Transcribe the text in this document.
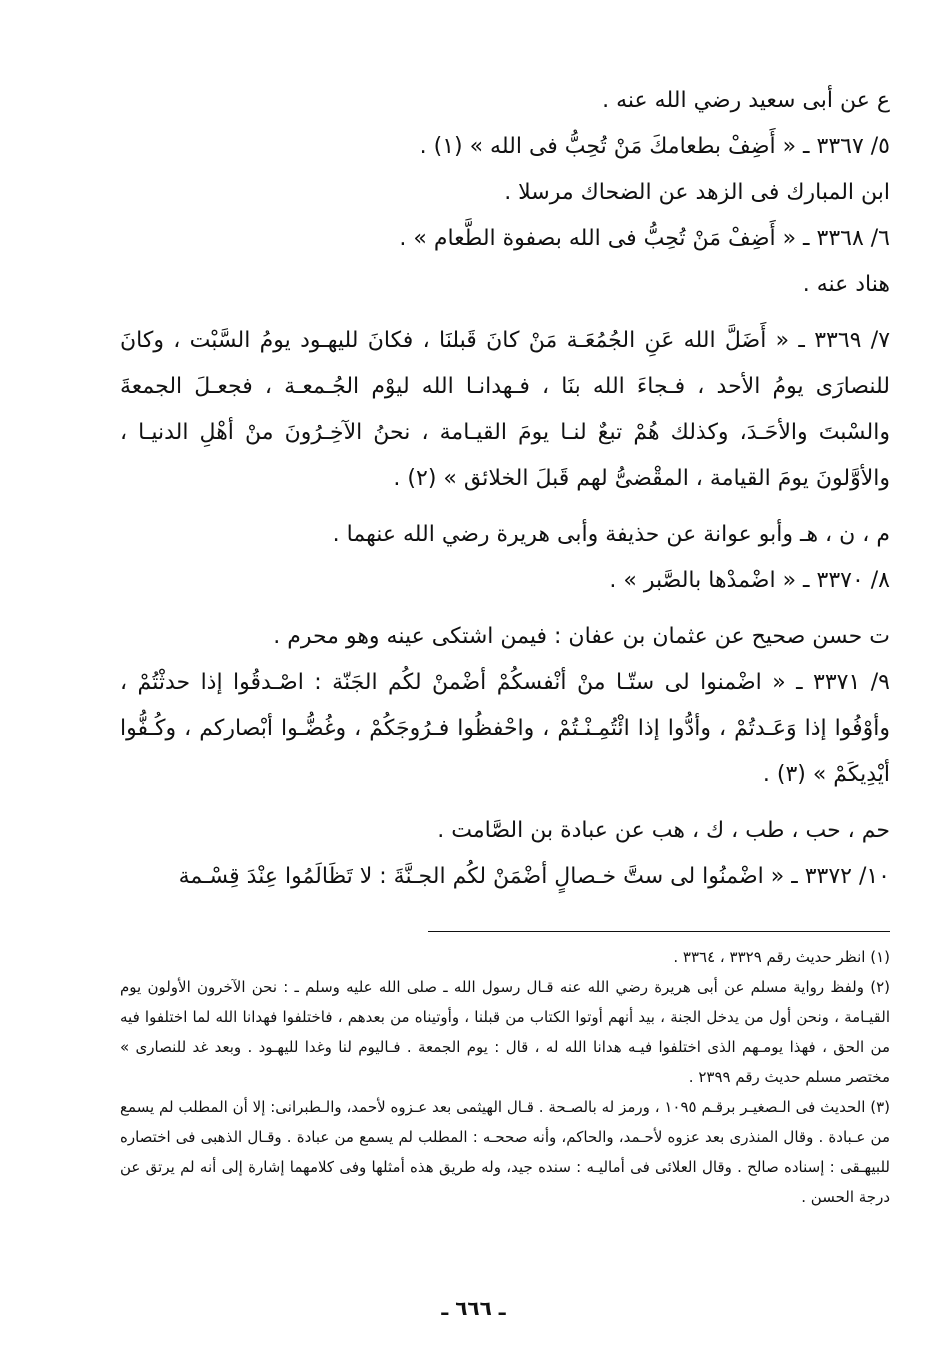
ع عن أبى سعيد رضي الله عنه .
٥/ ٣٣٦٧ ـ « أَضِفْ بطعامكَ مَنْ تُحِبُّ فى الله » (١) .
ابن المبارك فى الزهد عن الضحاك مرسلا .
٦/ ٣٣٦٨ ـ « أَضِفْ مَنْ تُحِبُّ فى الله بصفوة الطَّعام » .
هناد عنه .
٧/ ٣٣٦٩ ـ « أَضَلَّ الله عَنِ الجُمُعَـة مَنْ كانَ قَبلنَا ، فكانَ لليهـود يومُ السَّبْت ، وكانَ للنصارَى يومُ الأحد ، فـجاءَ الله بنَا ، فـهدانـا الله ليوْم الجُـمعـة ، فجعـلَ الجمعةَ والسْبتَ والأحَـدَ، وكذلك هُمْ تبعٌ لنـا يومَ القيـامة ، نحنُ الآخِـرُونَ منْ أهْلِ الدنيـا ، والأوَّلونَ يومَ القيامة ، المقْضىُّ لهم قَبلَ الخلائق » (٢) .
م ، ن ، هـ وأبو عوانة عن حذيفة وأبى هريرة رضي الله عنهما .
٨/ ٣٣٧٠ ـ « اضْمدْها بالصَّبر » .
ت حسن صحيح عن عثمان بن عفان : فيمن اشتكى عينه وهو محرم .
٩/ ٣٣٧١ ـ « اضْمنوا لى ستّـا منْ أنْفسكُمْ أضْمنْ لكُم الجَنّة : اصْـدقُوا إذا حدثْتُمْ ، وأوْفُوا إذا وَعَـدتُمْ ، وأدُّوا إذا ائْتُمِـنْـتُمْ ، واحْفظُوا فـرُوجَكُمْ ، وغُضُّـوا أبْصاركم ، وكُـفُّوا أيْدِيكَمْ » (٣) .
حم ، حب ، طب ، ك ، هب عن عبادة بن الصَّامت .
١٠/ ٣٣٧٢ ـ « اضْمنُوا لى ستَّ خـصالٍ أضْمَنْ لكُم الجـنَّةَ : لا تَظَالَمُوا عِنْدَ قِسْـمة
(١) انظر حديث رقم ٣٣٢٩ ، ٣٣٦٤ .
(٢) ولفظ رواية مسلم عن أبى هريرة رضي الله عنه قـال رسول الله ـ صلى الله عليه وسلم ـ : نحن الآخرون الأولون يوم القيـامة ، ونحن أول من يدخل الجنة ، بيد أنهم أوتوا الكتاب من قبلنا ، وأوتيناه من بعدهم ، فاختلفوا فهدانا الله لما اختلفوا فيه من الحق ، فهذا يومـهم الذى اختلفوا فيـه هدانا الله له ، قال : يوم الجمعة . فـاليوم لنا وغدا لليهـود . وبعد غد للنصارى » مختصر مسلم حديث رقم ٢٣٩٩ .
(٣) الحديث فى الـصغيـر برقـم ١٠٩٥ ، ورمز له بالصـحة . قـال الهيثمى بعد عـزوه لأحمد، والـطبرانى: إلا أن المطلب لم يسمع من عـبادة . وقال المنذرى بعد عزوه لأحـمد، والحاكم، وأنه صححـه : المطلب لم يسمع من عبادة . وقـال الذهبى فى اختصاره للبيهـقى : إسناده صالح . وقال العلائى فى أماليـه : سنده جيد، وله طريق هذه أمثلها وفى كلامهما إشارة إلى أنه لم يرتق عن درجة الحسن .
ـ ٦٦٦ ـ
